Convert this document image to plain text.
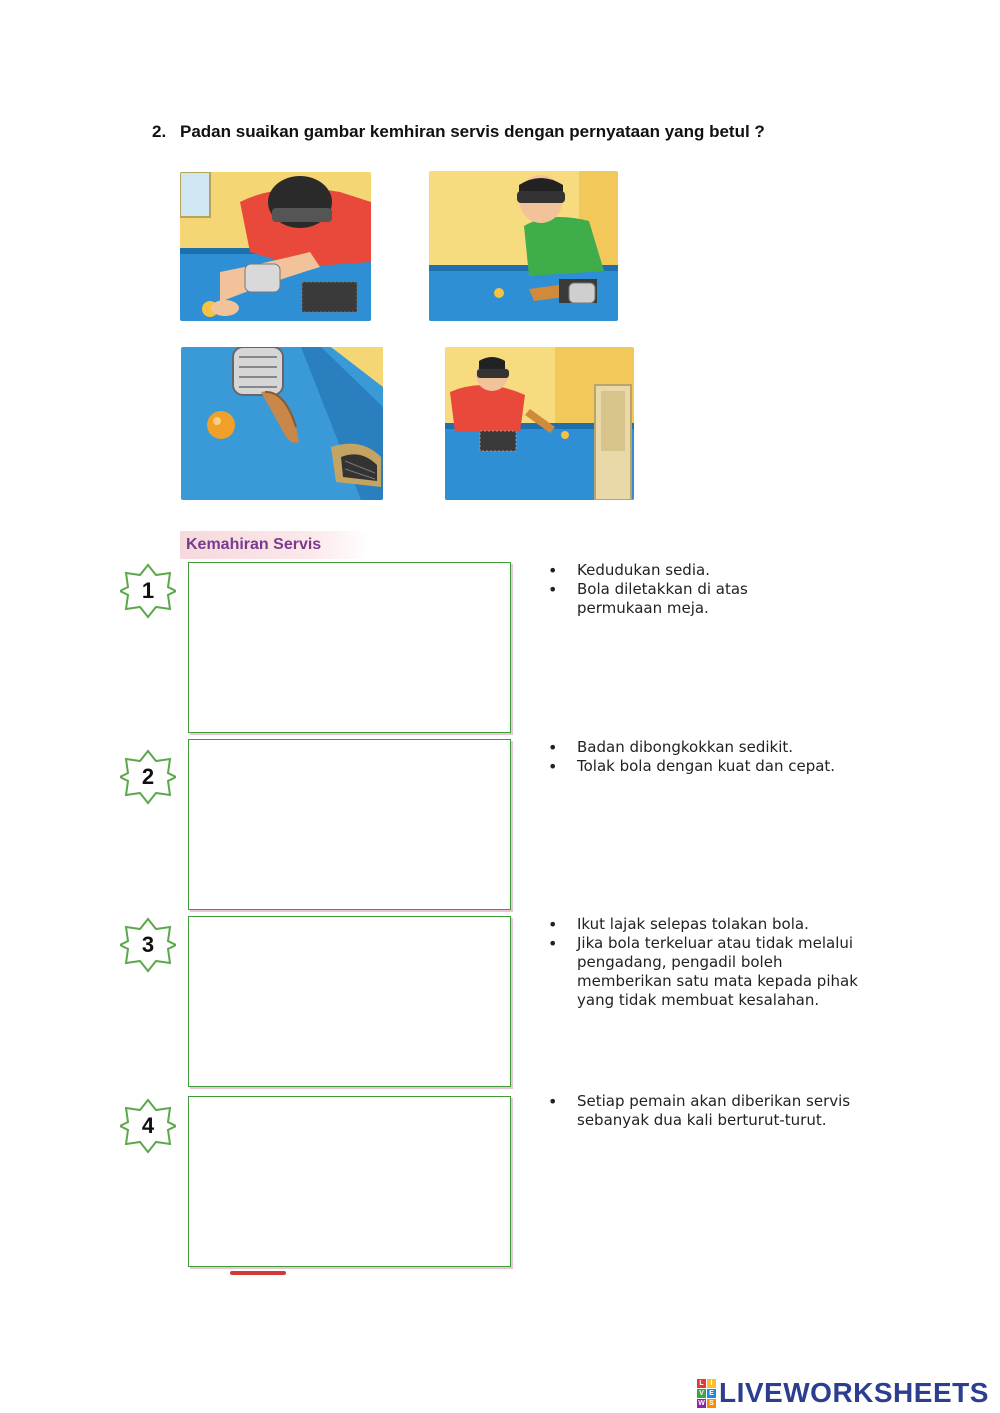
2. Padan suaikan gambar kemhiran servis dengan pernyataan yang betul ?
Kemahiran Servis
1
2
3
4
• Kedudukan sedia.
• Bola diletakkan di atas permukaan meja.
• Badan dibongkokkan sedikit.
• Tolak bola dengan kuat dan cepat.
• Ikut lajak selepas tolakan bola.
• Jika bola terkeluar atau tidak melalui pengadang, pengadil boleh memberikan satu mata kepada pihak yang tidak membuat kesalahan.
• Setiap pemain akan diberikan servis sebanyak dua kali berturut-turut.
L I
V E
W S LIVEWORKSHEETS
